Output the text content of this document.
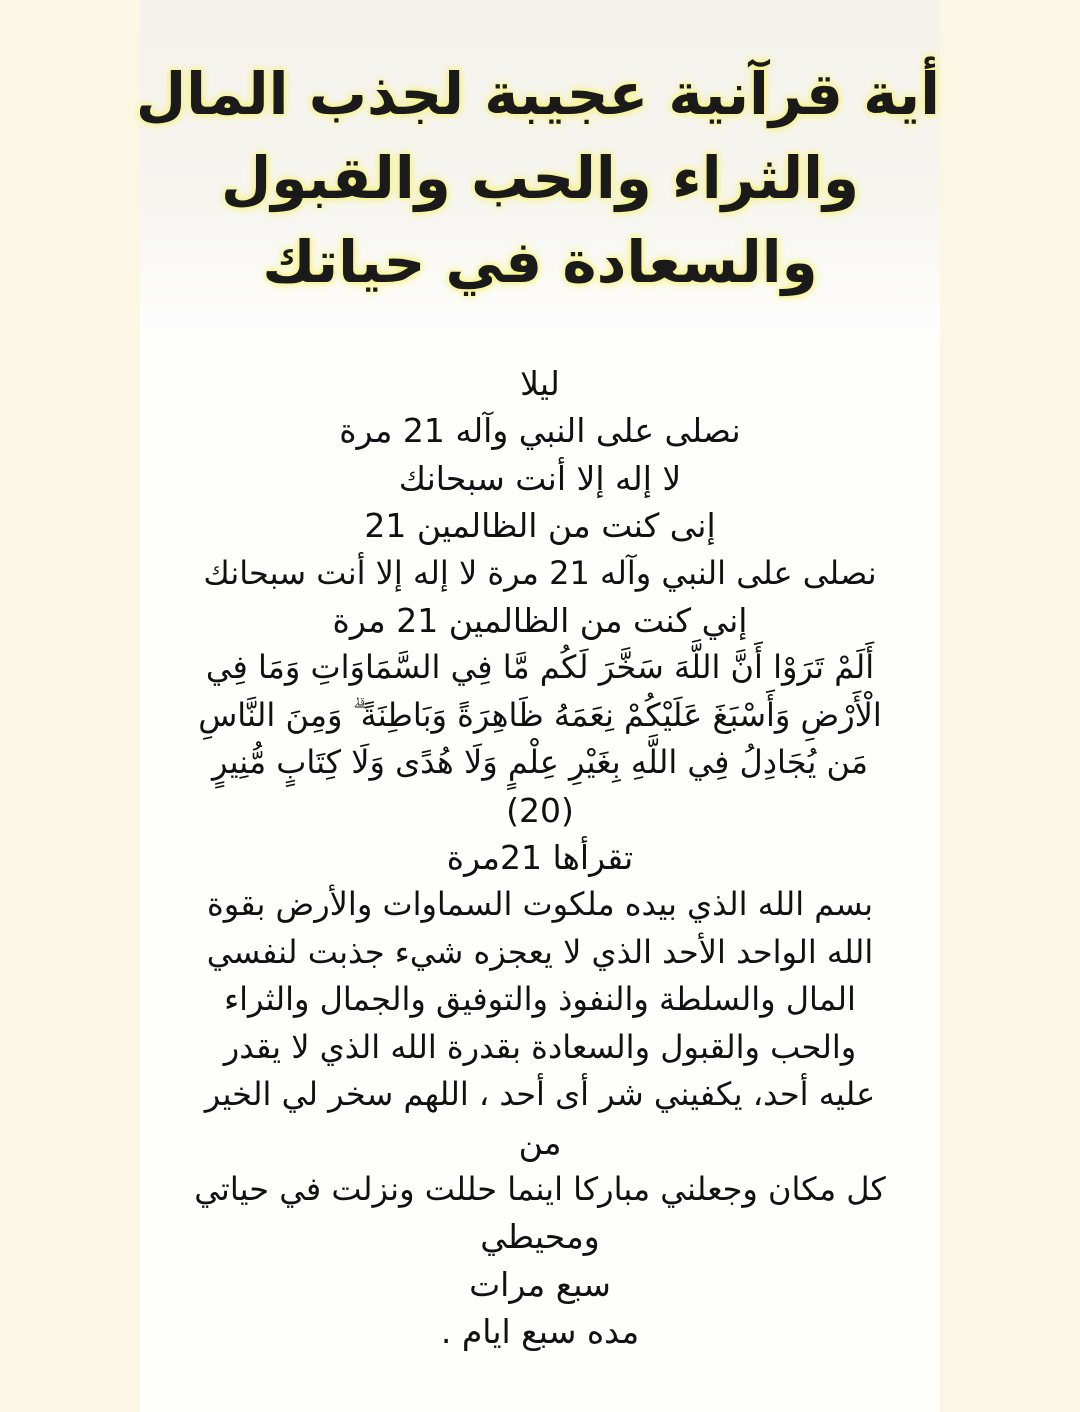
أية قرآنية عجيبة لجذب المال
والثراء والحب والقبول
والسعادة في حياتك
ليلا
نصلى على النبي وآله 21 مرة
لا إله إلا أنت سبحانك
إنى كنت من الظالمين 21
نصلى على النبي وآله 21 مرة لا إله إلا أنت سبحانك
إني كنت من الظالمين 21 مرة
أَلَمْ تَرَوْا أَنَّ اللَّهَ سَخَّرَ لَكُم مَّا فِي السَّمَاوَاتِ وَمَا فِي
الْأَرْضِ وَأَسْبَغَ عَلَيْكُمْ نِعَمَهُ ظَاهِرَةً وَبَاطِنَةً ۗ وَمِنَ النَّاسِ
مَن يُجَادِلُ فِي اللَّهِ بِغَيْرِ عِلْمٍ وَلَا هُدًى وَلَا كِتَابٍ مُّنِيرٍ
(20)
تقرأها 21مرة
بسم الله الذي بيده ملكوت السماوات والأرض بقوة
الله الواحد الأحد الذي لا يعجزه شيء جذبت لنفسي
المال والسلطة والنفوذ والتوفيق والجمال والثراء
والحب والقبول والسعادة بقدرة الله الذي لا يقدر
عليه أحد، يكفيني شر أى أحد ، اللهم سخر لي الخير
من
كل مكان وجعلني مباركا اينما حللت ونزلت في حياتي
ومحيطي
سبع مرات
مده سبع ايام .
